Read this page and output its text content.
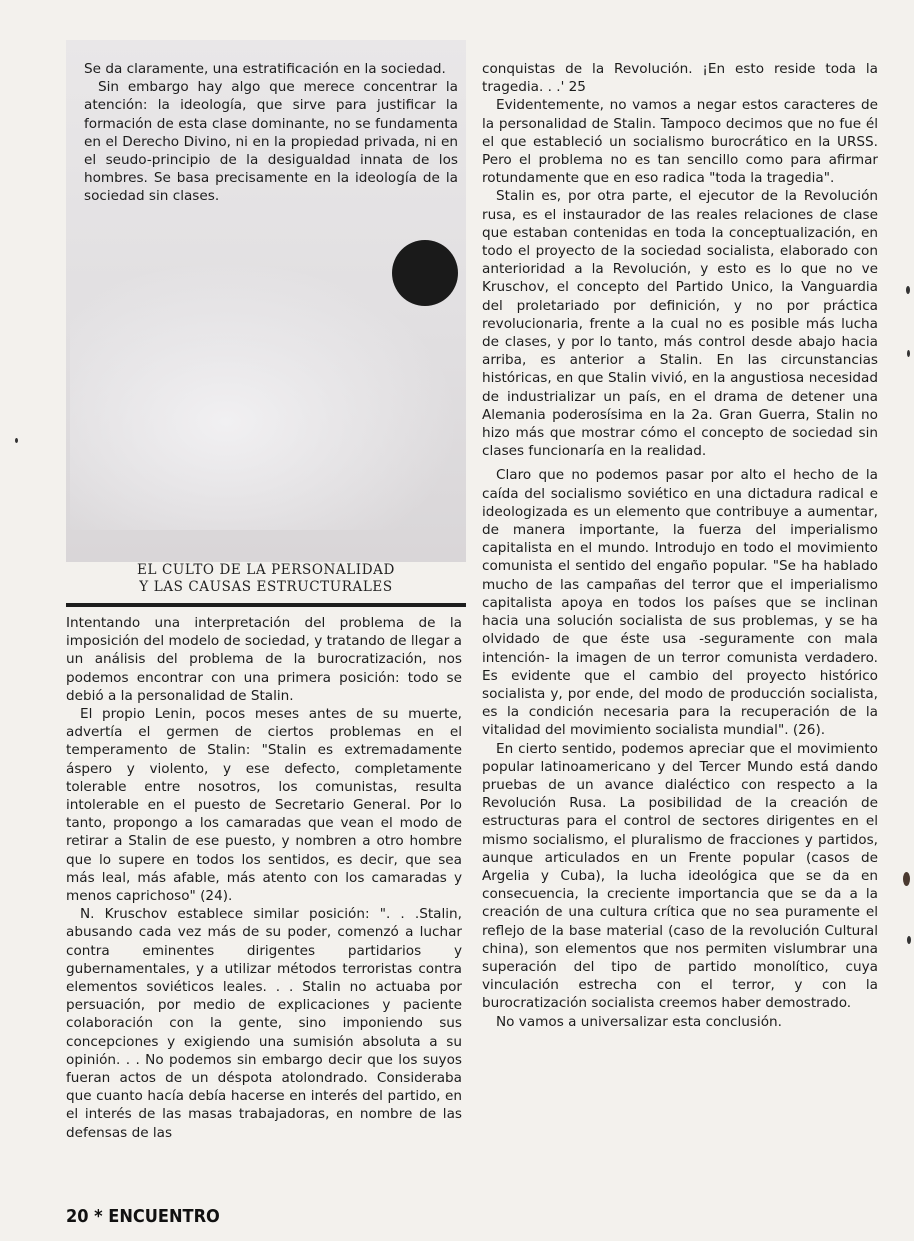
Se da claramente, una estratificación en la sociedad.

Sin embargo hay algo que merece concentrar la atención: la ideología, que sirve para justificar la formación de esta clase dominante, no se fundamenta en el Derecho Divino, ni en la propiedad privada, ni en el seudo-principio de la desigualdad innata de los hombres. Se basa precisamente en la ideología de la sociedad sin clases.

EL CULTO DE LA PERSONALIDAD
Y LAS CAUSAS ESTRUCTURALES

Intentando una interpretación del problema de la imposición del modelo de sociedad, y tratando de llegar a un análisis del problema de la burocratización, nos podemos encontrar con una primera posición: todo se debió a la personalidad de Stalin.

El propio Lenin, pocos meses antes de su muerte, advertía el germen de ciertos problemas en el temperamento de Stalin: "Stalin es extremadamente áspero y violento, y ese defecto, completamente tolerable entre nosotros, los comunistas, resulta intolerable en el puesto de Secretario General. Por lo tanto, propongo a los camaradas que vean el modo de retirar a Stalin de ese puesto, y nombren a otro hombre que lo supere en todos los sentidos, es decir, que sea más leal, más afable, más atento con los camaradas y menos caprichoso" (24).

N. Kruschov establece similar posición: ". . .Stalin, abusando cada vez más de su poder, comenzó a luchar contra eminentes dirigentes partidarios y gubernamentales, y a utilizar métodos terroristas contra elementos soviéticos leales. . . Stalin no actuaba por persuación, por medio de explicaciones y paciente colaboración con la gente, sino imponiendo sus concepciones y exigiendo una sumisión absoluta a su opinión. . . No podemos sin embargo decir que los suyos fueran actos de un déspota atolondrado. Consideraba que cuanto hacía debía hacerse en interés del partido, en el interés de las masas trabajadoras, en nombre de las defensas de las

conquistas de la Revolución. ¡En esto reside toda la tragedia. . .' 25

Evidentemente, no vamos a negar estos caracteres de la personalidad de Stalin. Tampoco decimos que no fue él el que estableció un socialismo burocrático en la URSS. Pero el problema no es tan sencillo como para afirmar rotundamente que en eso radica "toda la tragedia".

Stalin es, por otra parte, el ejecutor de la Revolución rusa, es el instaurador de las reales relaciones de clase que estaban contenidas en toda la conceptualización, en todo el proyecto de la sociedad socialista, elaborado con anterioridad a la Revolución, y esto es lo que no ve Kruschov, el concepto del Partido Unico, la Vanguardia del proletariado por definición, y no por práctica revolucionaria, frente a la cual no es posible más lucha de clases, y por lo tanto, más control desde abajo hacia arriba, es anterior a Stalin. En las circunstancias históricas, en que Stalin vivió, en la angustiosa necesidad de industrializar un país, en el drama de detener una Alemania poderosísima en la 2a. Gran Guerra, Stalin no hizo más que mostrar cómo el concepto de sociedad sin clases funcionaría en la realidad.

Claro que no podemos pasar por alto el hecho de la caída del socialismo soviético en una dictadura radical e ideologizada es un elemento que contribuye a aumentar, de manera importante, la fuerza del imperialismo capitalista en el mundo. Introdujo en todo el movimiento comunista el sentido del engaño popular. "Se ha hablado mucho de las campañas del terror que el imperialismo capitalista apoya en todos los países que se inclinan hacia una solución socialista de sus problemas, y se ha olvidado de que éste usa -seguramente con mala intención- la imagen de un terror comunista verdadero. Es evidente que el cambio del proyecto histórico socialista y, por ende, del modo de producción socialista, es la condición necesaria para la recuperación de la vitalidad del movimiento socialista mundial". (26).

En cierto sentido, podemos apreciar que el movimiento popular latinoamericano y del Tercer Mundo está dando pruebas de un avance dialéctico con respecto a la Revolución Rusa. La posibilidad de la creación de estructuras para el control de sectores dirigentes en el mismo socialismo, el pluralismo de fracciones y partidos, aunque articulados en un Frente popular (casos de Argelia y Cuba), la lucha ideológica que se da en consecuencia, la creciente importancia que se da a la creación de una cultura crítica que no sea puramente el reflejo de la base material (caso de la revolución Cultural china), son elementos que nos permiten vislumbrar una superación del tipo de partido monolítico, cuya vinculación estrecha con el terror, y con la burocratización socialista creemos haber demostrado.

No vamos a universalizar esta conclusión.

20 * ENCUENTRO
